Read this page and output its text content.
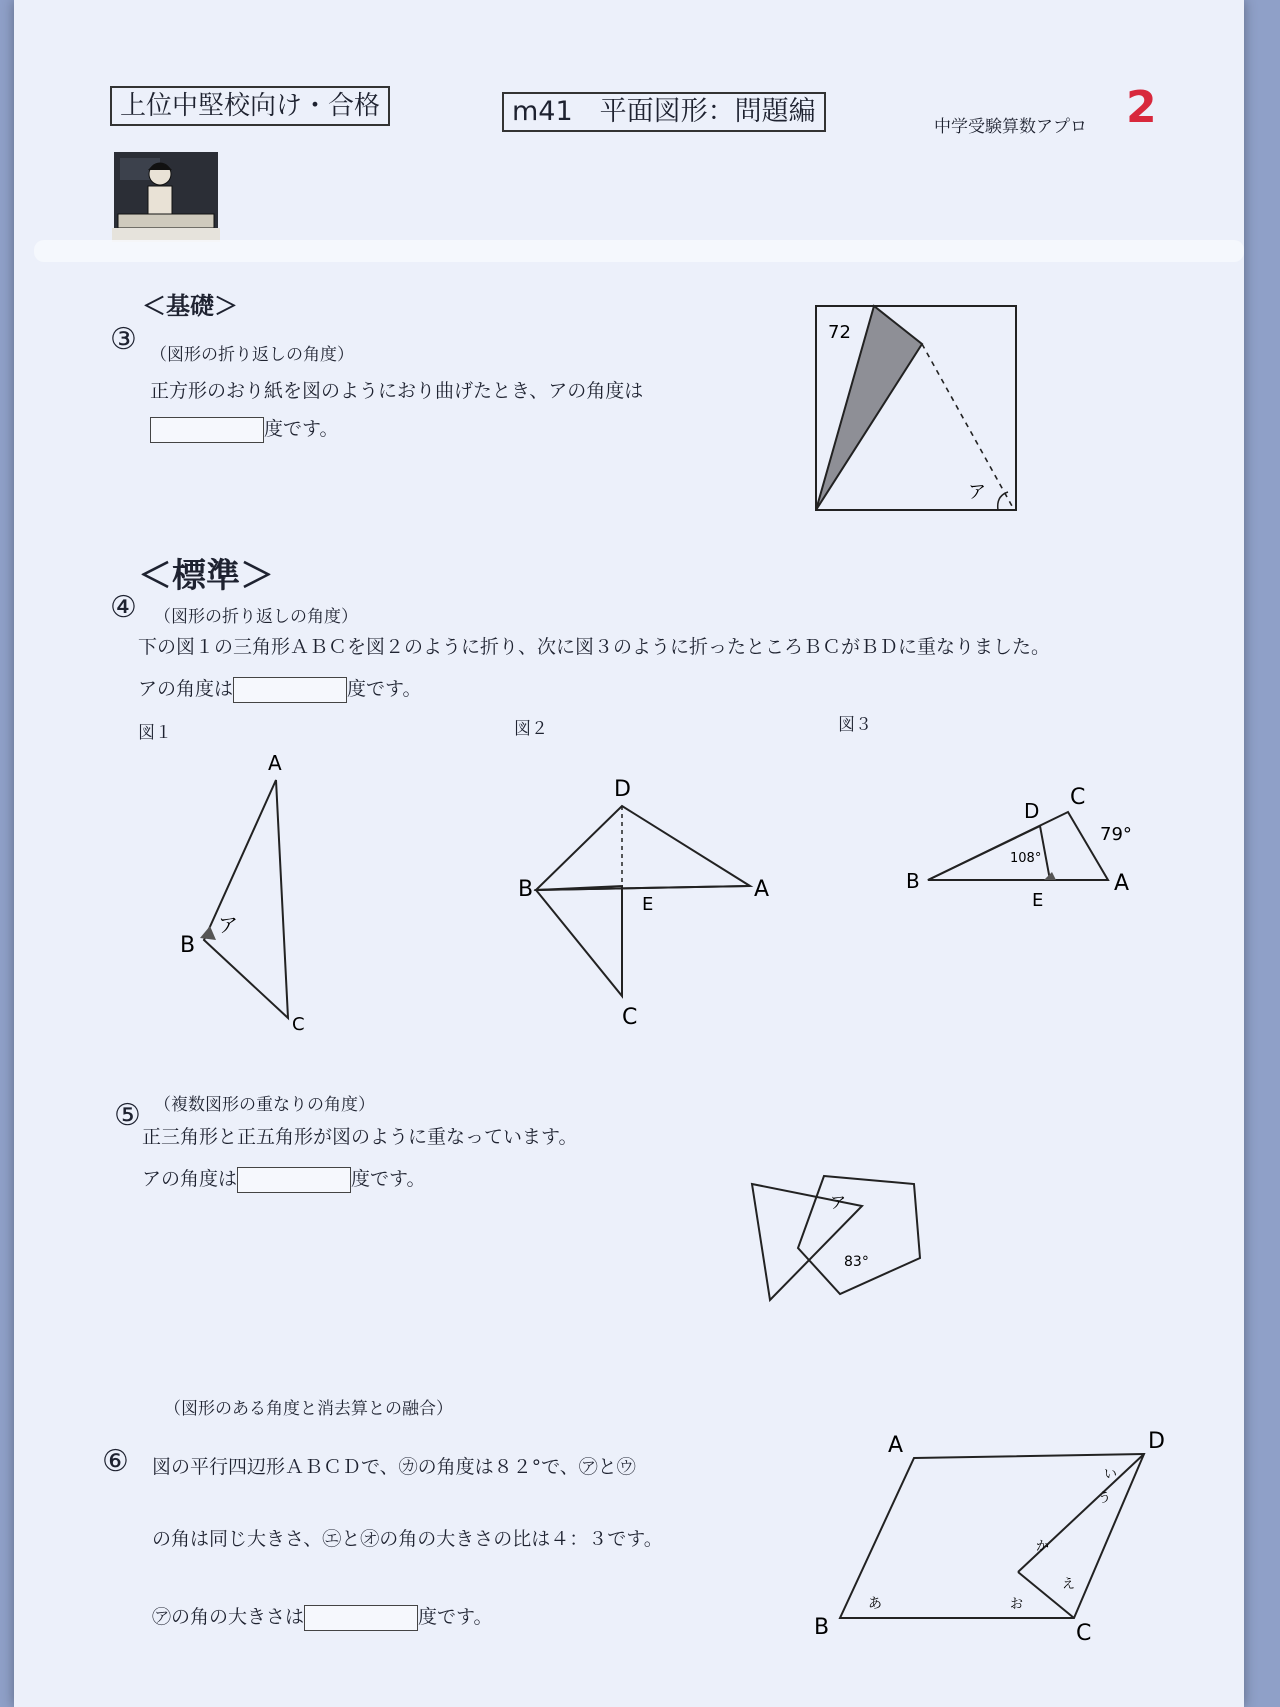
上位中堅校向け・合格	m41　平面図形：問題編	中学受験算数アプロ 2
＜基礎＞
③ （図形の折り返しの角度）
正方形のおり紙を図のようにおり曲げたとき、アの角度は
度です。
72
ア
＜標準＞
④ （図形の折り返しの角度）
下の図１の三角形ＡＢＣを図２のように折り、次に図３のように折ったところＢＣがＢＤに重なりました。
アの角度は	度です。
図１	図２	図３
A
B
C
ア
D
B	A
E
C
D
C
B	A
E
108°
79°
⑤ （複数図形の重なりの角度）
正三角形と正五角形が図のように重なっています。
アの角度は	度です。
ア
83°
（図形のある角度と消去算との融合）
⑥ 図の平行四辺形ＡＢＣＤで、㋕の角度は８２°で、㋐と㋒
の角は同じ大きさ、㋓と㋔の角の大きさの比は４：３です。
㋐の角の大きさは	度です。
A	D
B	C
あ
い
う
え
お
か
